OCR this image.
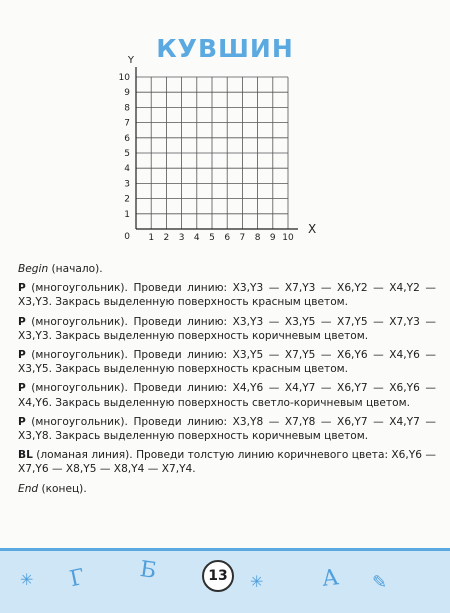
КУВШИН
1 2 3 4 5 6 7 8 9 10
0
1
2
3
4
5
6
7
8
9
10
X
Y

Begin (начало).

P (многоугольник). Проведи линию: X3,Y3 — X7,Y3 — X6,Y2 — X4,Y2 — X3,Y3. Закрась выделенную поверхность красным цветом.

P (многоугольник). Проведи линию: X3,Y3 — X3,Y5 — X7,Y5 — X7,Y3 — X3,Y3. Закрась выделенную поверхность коричневым цветом.

P (многоугольник). Проведи линию: X3,Y5 — X7,Y5 — X6,Y6 — X4,Y6 — X3,Y5. Закрась выделенную поверхность красным цветом.

P (многоугольник). Проведи линию: X4,Y6 — X4,Y7 — X6,Y7 — X6,Y6 — X4,Y6. Закрась выделенную поверхность светло-коричневым цветом.

P (многоугольник). Проведи линию: X3,Y8 — X7,Y8 — X6,Y7 — X4,Y7 — X3,Y8. Закрась выделенную поверхность коричневым цветом.

BL (ломаная линия). Проведи толстую линию коричневого цвета: X6,Y6 — X7,Y6 — X8,Y5 — X8,Y4 — X7,Y4.

End (конец).

Г Б	А
✳	✳	✎
13
